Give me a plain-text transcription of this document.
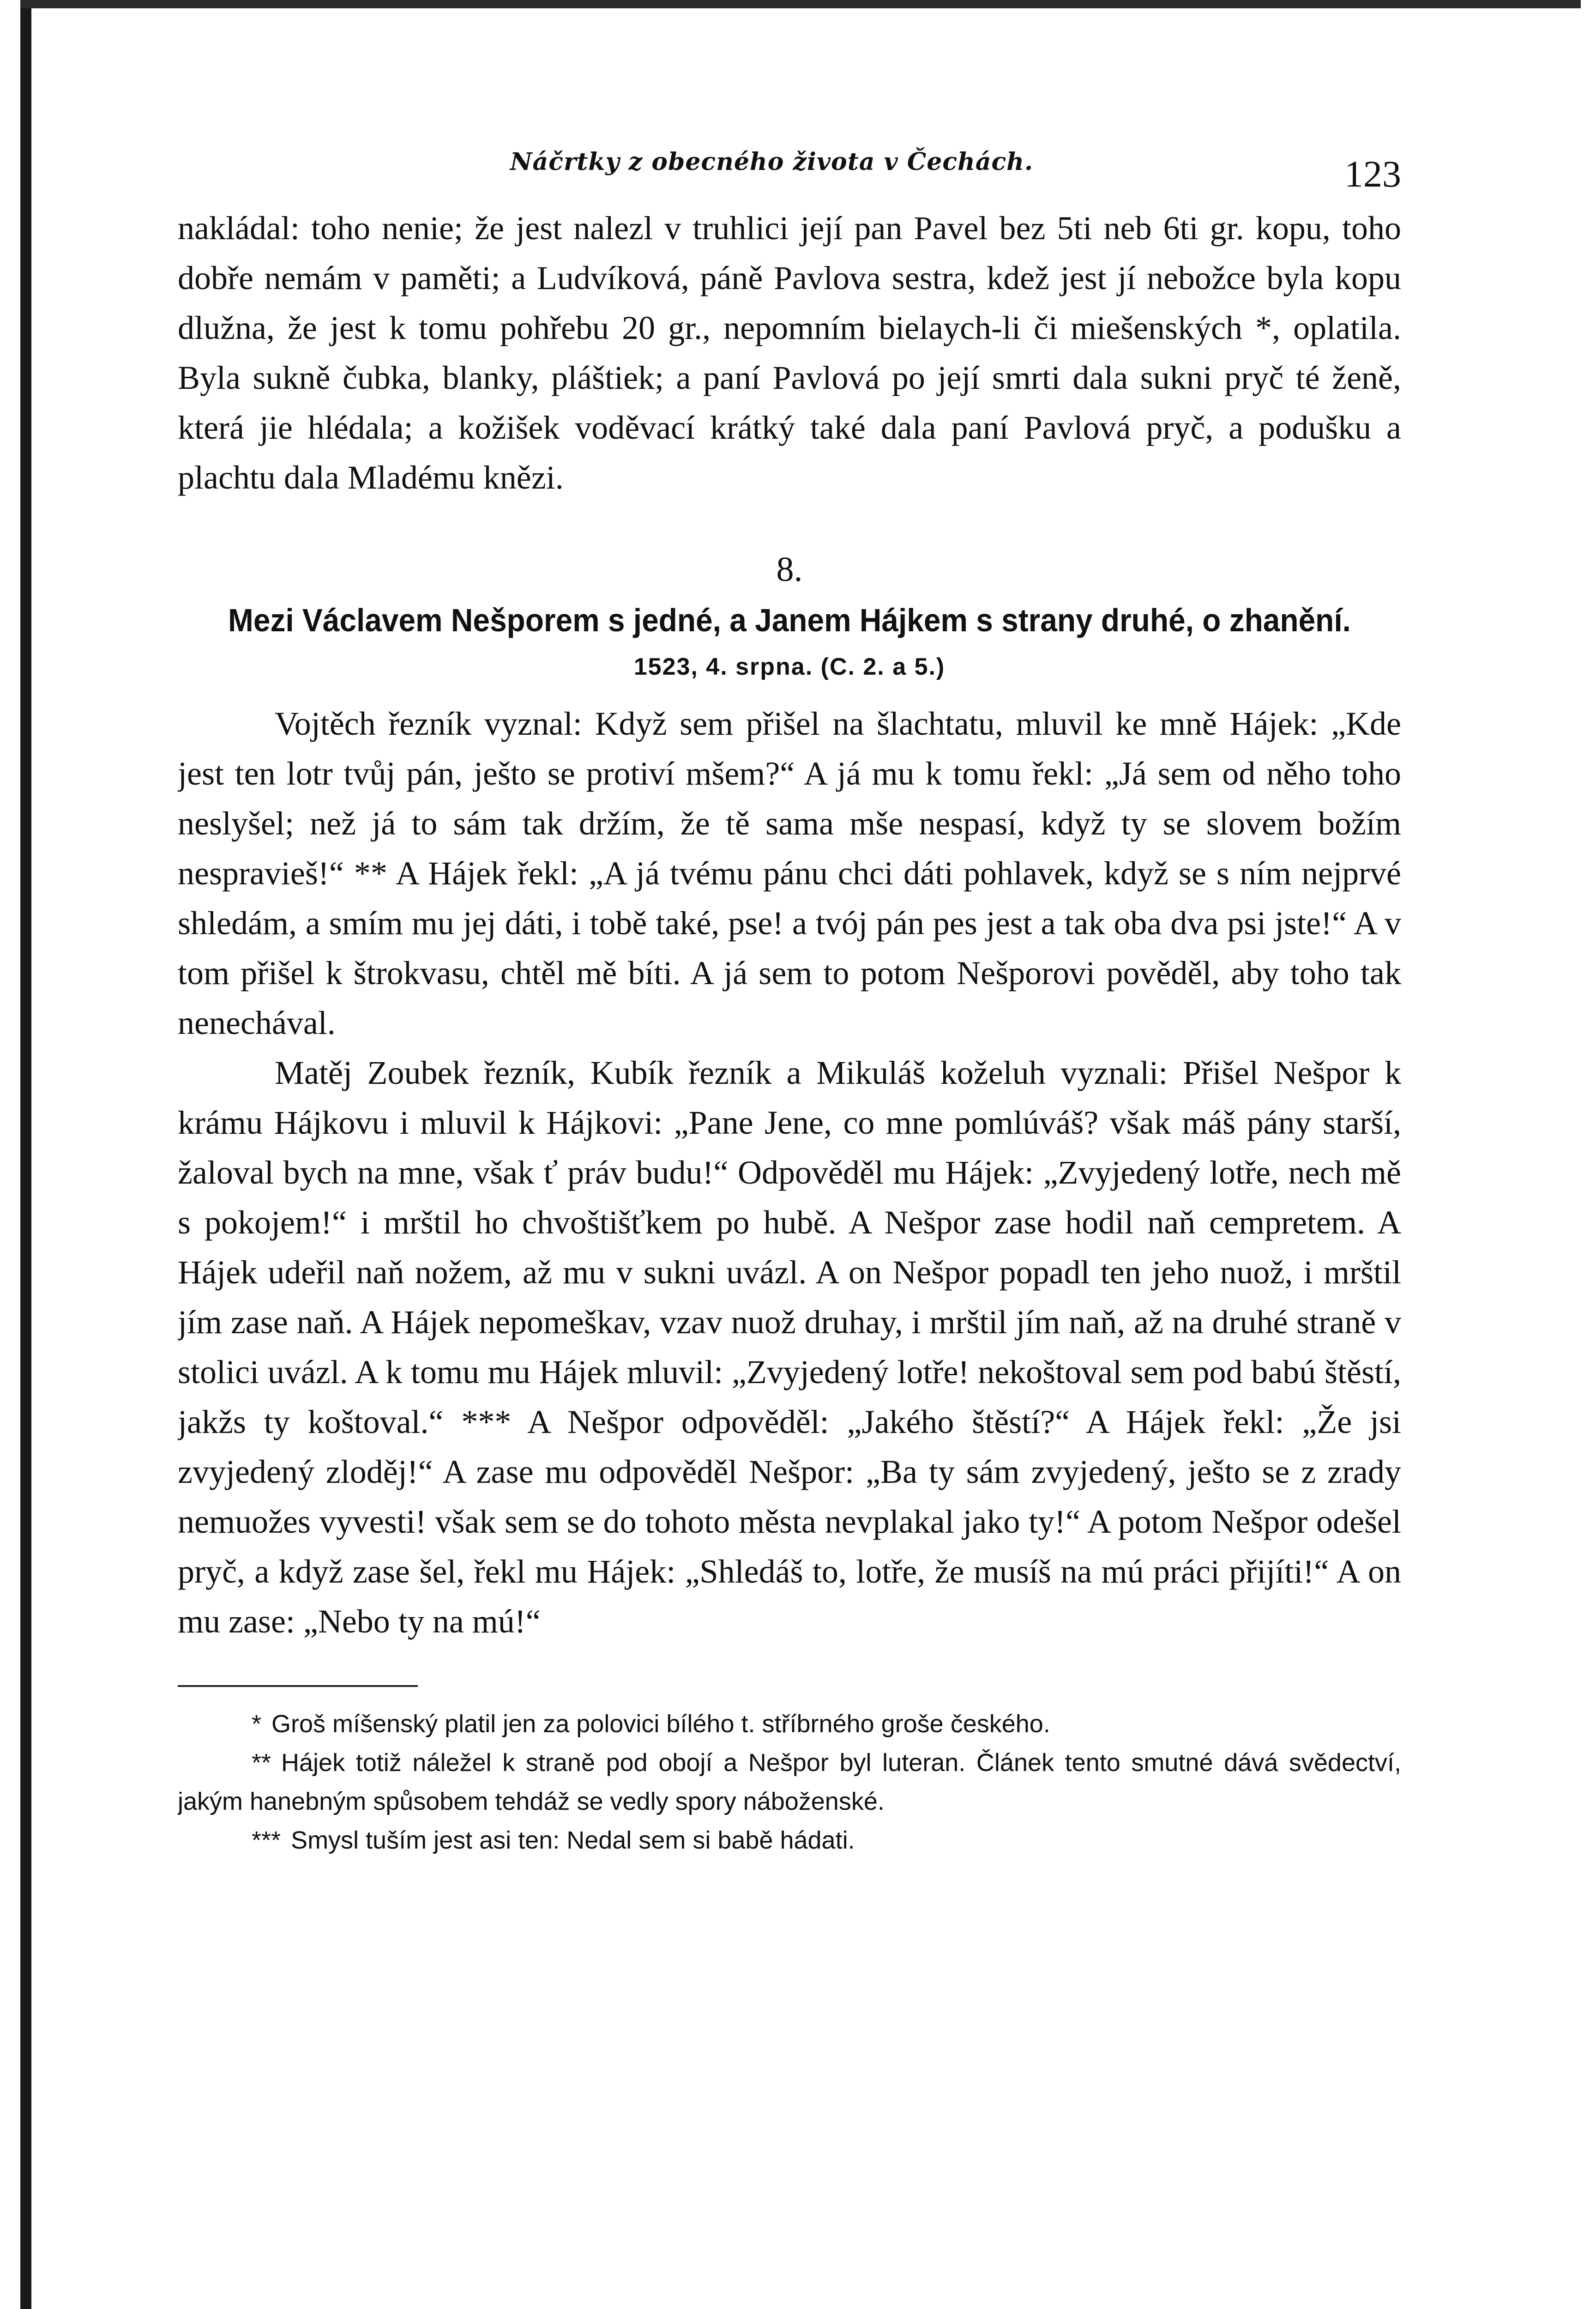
Náčrtky z obecného života v Čechách.	123

nakládal: toho nenie; že jest nalezl v truhlici její pan Pavel bez 5ti neb 6ti gr. kopu, toho dobře nemám v paměti; a Ludvíková, páně Pavlova sestra, kdež jest jí nebožce byla kopu dlužna, že jest k tomu pohřebu 20 gr., nepomním bielaych-li či miešenských *, oplatila. Byla sukně čubka, blanky, pláštiek; a paní Pavlová po její smrti dala sukni pryč té ženě, která jie hlédala; a kožišek voděvací krátký také dala paní Pavlová pryč, a podušku a plachtu dala Mladému knězi.

8.
Mezi Václavem Nešporem s jedné, a Janem Hájkem s strany druhé, o zhanění.
1523, 4. srpna. (C. 2. a 5.)

Vojtěch řezník vyznal: Když sem přišel na šlachtatu, mluvil ke mně Hájek: „Kde jest ten lotr tvůj pán, ješto se protiví mšem?“ A já mu k tomu řekl: „Já sem od něho toho neslyšel; než já to sám tak držím, že tě sama mše nespasí, když ty se slovem božím nespravieš!“ ** A Hájek řekl: „A já tvému pánu chci dáti pohlavek, když se s ním nejprvé shledám, a smím mu jej dáti, i tobě také, pse! a tvój pán pes jest a tak oba dva psi jste!“ A v tom přišel k štrokvasu, chtěl mě bíti. A já sem to potom Nešporovi pověděl, aby toho tak nenechával.

Matěj Zoubek řezník, Kubík řezník a Mikuláš koželuh vyznali: Přišel Nešpor k krámu Hájkovu i mluvil k Hájkovi: „Pane Jene, co mne pomlúváš? však máš pány starší, žaloval bych na mne, však ť práv budu!“ Odpověděl mu Hájek: „Zvyjedený lotře, nech mě s pokojem!“ i mrštil ho chvoštišťkem po hubě. A Nešpor zase hodil naň cempretem. A Hájek udeřil naň nožem, až mu v sukni uvázl. A on Nešpor popadl ten jeho nuož, i mrštil jím zase naň. A Hájek nepomeškav, vzav nuož druhay, i mrštil jím naň, až na druhé straně v stolici uvázl. A k tomu mu Hájek mluvil: „Zvyjedený lotře! nekoštoval sem pod babú štěstí, jakžs ty koštoval.“ *** A Nešpor odpověděl: „Jakého štěstí?“ A Hájek řekl: „Že jsi zvyjedený zloděj!“ A zase mu odpověděl Nešpor: „Ba ty sám zvyjedený, ješto se z zrady nemuožes vyvesti! však sem se do tohoto města nevplakal jako ty!“ A potom Nešpor odešel pryč, a když zase šel, řekl mu Hájek: „Shledáš to, lotře, že musíš na mú práci přijíti!“ A on mu zase: „Nebo ty na mú!“

* Groš míšenský platil jen za polovici bílého t. stříbrného groše českého.
** Hájek totiž náležel k straně pod obojí a Nešpor byl luteran. Článek tento smutné dává svědectví, jakým hanebným spůsobem tehdáž se vedly spory náboženské.
*** Smysl tuším jest asi ten: Nedal sem si babě hádati.
